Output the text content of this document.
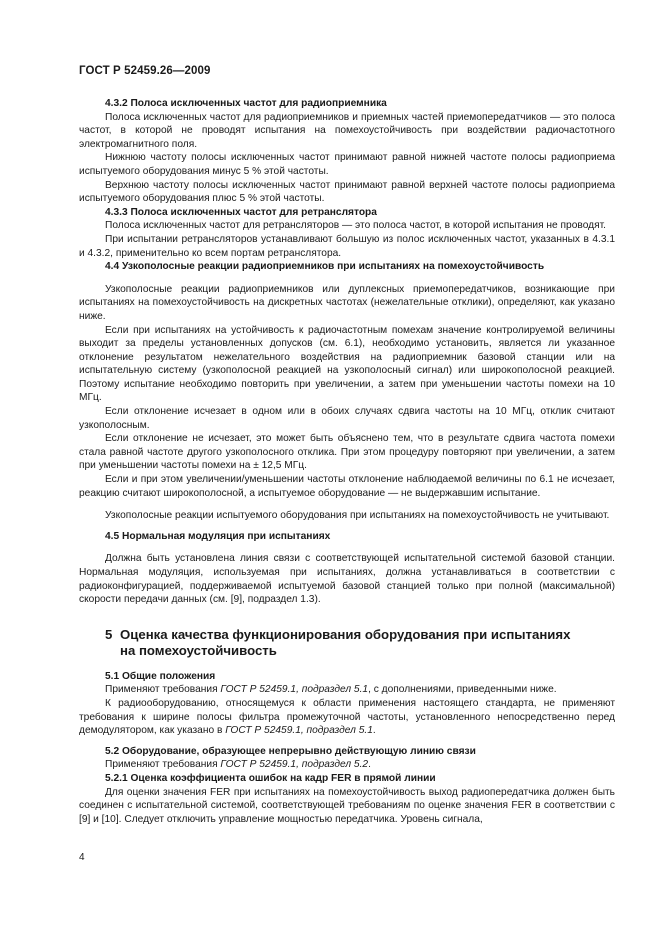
ГОСТ Р 52459.26—2009
4.3.2 Полоса исключенных частот для радиоприемника

Полоса исключенных частот для радиоприемников и приемных частей приемопередатчиков — это полоса частот, в которой не проводят испытания на помехоустойчивость при воздействии радиочастотного электромагнитного поля.

Нижнюю частоту полосы исключенных частот принимают равной нижней частоте полосы радиоприема испытуемого оборудования минус 5 % этой частоты.

Верхнюю частоту полосы исключенных частот принимают равной верхней частоте полосы радиоприема испытуемого оборудования плюс 5 % этой частоты.

4.3.3 Полоса исключенных частот для ретранслятора

Полоса исключенных частот для ретрансляторов — это полоса частот, в которой испытания не проводят.

При испытании ретрансляторов устанавливают большую из полос исключенных частот, указанных в 4.3.1 и 4.3.2, применительно ко всем портам ретранслятора.

4.4 Узкополосные реакции радиоприемников при испытаниях на помехоустойчивость

Узкополосные реакции радиоприемников или дуплексных приемопередатчиков, возникающие при испытаниях на помехоустойчивость на дискретных частотах (нежелательные отклики), определяют, как указано ниже.

Если при испытаниях на устойчивость к радиочастотным помехам значение контролируемой величины выходит за пределы установленных допусков (см. 6.1), необходимо установить, является ли указанное отклонение результатом нежелательного воздействия на радиоприемник базовой станции или на испытательную систему (узкополосной реакцией на узкополосный сигнал) или широкополосной реакцией. Поэтому испытание необходимо повторить при увеличении, а затем при уменьшении частоты помехи на 10 МГц.

Если отклонение исчезает в одном или в обоих случаях сдвига частоты на 10 МГц, отклик считают узкополосным.

Если отклонение не исчезает, это может быть объяснено тем, что в результате сдвига частота помехи стала равной частоте другого узкополосного отклика. При этом процедуру повторяют при увеличении, а затем при уменьшении частоты помехи на ± 12,5 МГц.

Если и при этом увеличении/уменьшении частоты отклонение наблюдаемой величины по 6.1 не исчезает, реакцию считают широкополосной, а испытуемое оборудование — не выдержавшим испытание.

Узкополосные реакции испытуемого оборудования при испытаниях на помехоустойчивость не учитывают.

4.5 Нормальная модуляция при испытаниях

Должна быть установлена линия связи с соответствующей испытательной системой базовой станции. Нормальная модуляция, используемая при испытаниях, должна устанавливаться в соответствии с радиоконфигурацией, поддерживаемой испытуемой базовой станцией только при полной (максимальной) скорости передачи данных (см. [9], подраздел 1.3).

5 Оценка качества функционирования оборудования при испытаниях
на помехоустойчивость
5.1 Общие положения

Применяют требования ГОСТ Р 52459.1, подраздел 5.1, с дополнениями, приведенными ниже.

К радиооборудованию, относящемуся к области применения настоящего стандарта, не применяют требования к ширине полосы фильтра промежуточной частоты, установленного непосредственно перед демодулятором, как указано в ГОСТ Р 52459.1, подраздел 5.1.

5.2 Оборудование, образующее непрерывно действующую линию связи

Применяют требования ГОСТ Р 52459.1, подраздел 5.2.

5.2.1 Оценка коэффициента ошибок на кадр FER в прямой линии

Для оценки значения FER при испытаниях на помехоустойчивость выход радиопередатчика должен быть соединен с испытательной системой, соответствующей требованиям по оценке значения FER в соответствии с [9] и [10]. Следует отключить управление мощностью передатчика. Уровень сигнала,

4
